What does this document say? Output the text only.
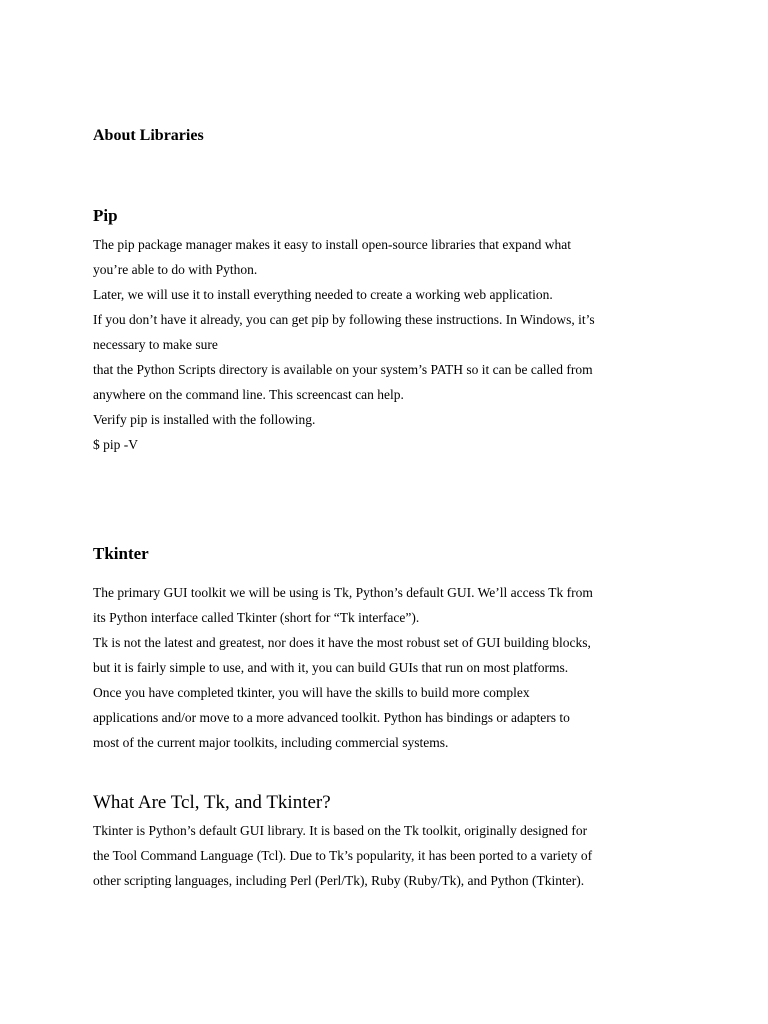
About Libraries
Pip
The pip package manager makes it easy to install open-source libraries that expand what
you’re able to do with Python.
Later, we will use it to install everything needed to create a working web application.
If you don’t have it already, you can get pip by following these instructions. In Windows, it’s
necessary to make sure
that the Python Scripts directory is available on your system’s PATH so it can be called from
anywhere on the command line. This screencast can help.
Verify pip is installed with the following.
$ pip -V
Tkinter
The primary GUI toolkit we will be using is Tk, Python’s default GUI. We’ll access Tk from
its Python interface called Tkinter (short for “Tk interface”).
Tk is not the latest and greatest, nor does it have the most robust set of GUI building blocks,
but it is fairly simple to use, and with it, you can build GUIs that run on most platforms.
Once you have completed tkinter, you will have the skills to build more complex
applications and/or move to a more advanced toolkit. Python has bindings or adapters to
most of the current major toolkits, including commercial systems.
What Are Tcl, Tk, and Tkinter?
Tkinter is Python’s default GUI library. It is based on the Tk toolkit, originally designed for
the Tool Command Language (Tcl). Due to Tk’s popularity, it has been ported to a variety of
other scripting languages, including Perl (Perl/Tk), Ruby (Ruby/Tk), and Python (Tkinter).
